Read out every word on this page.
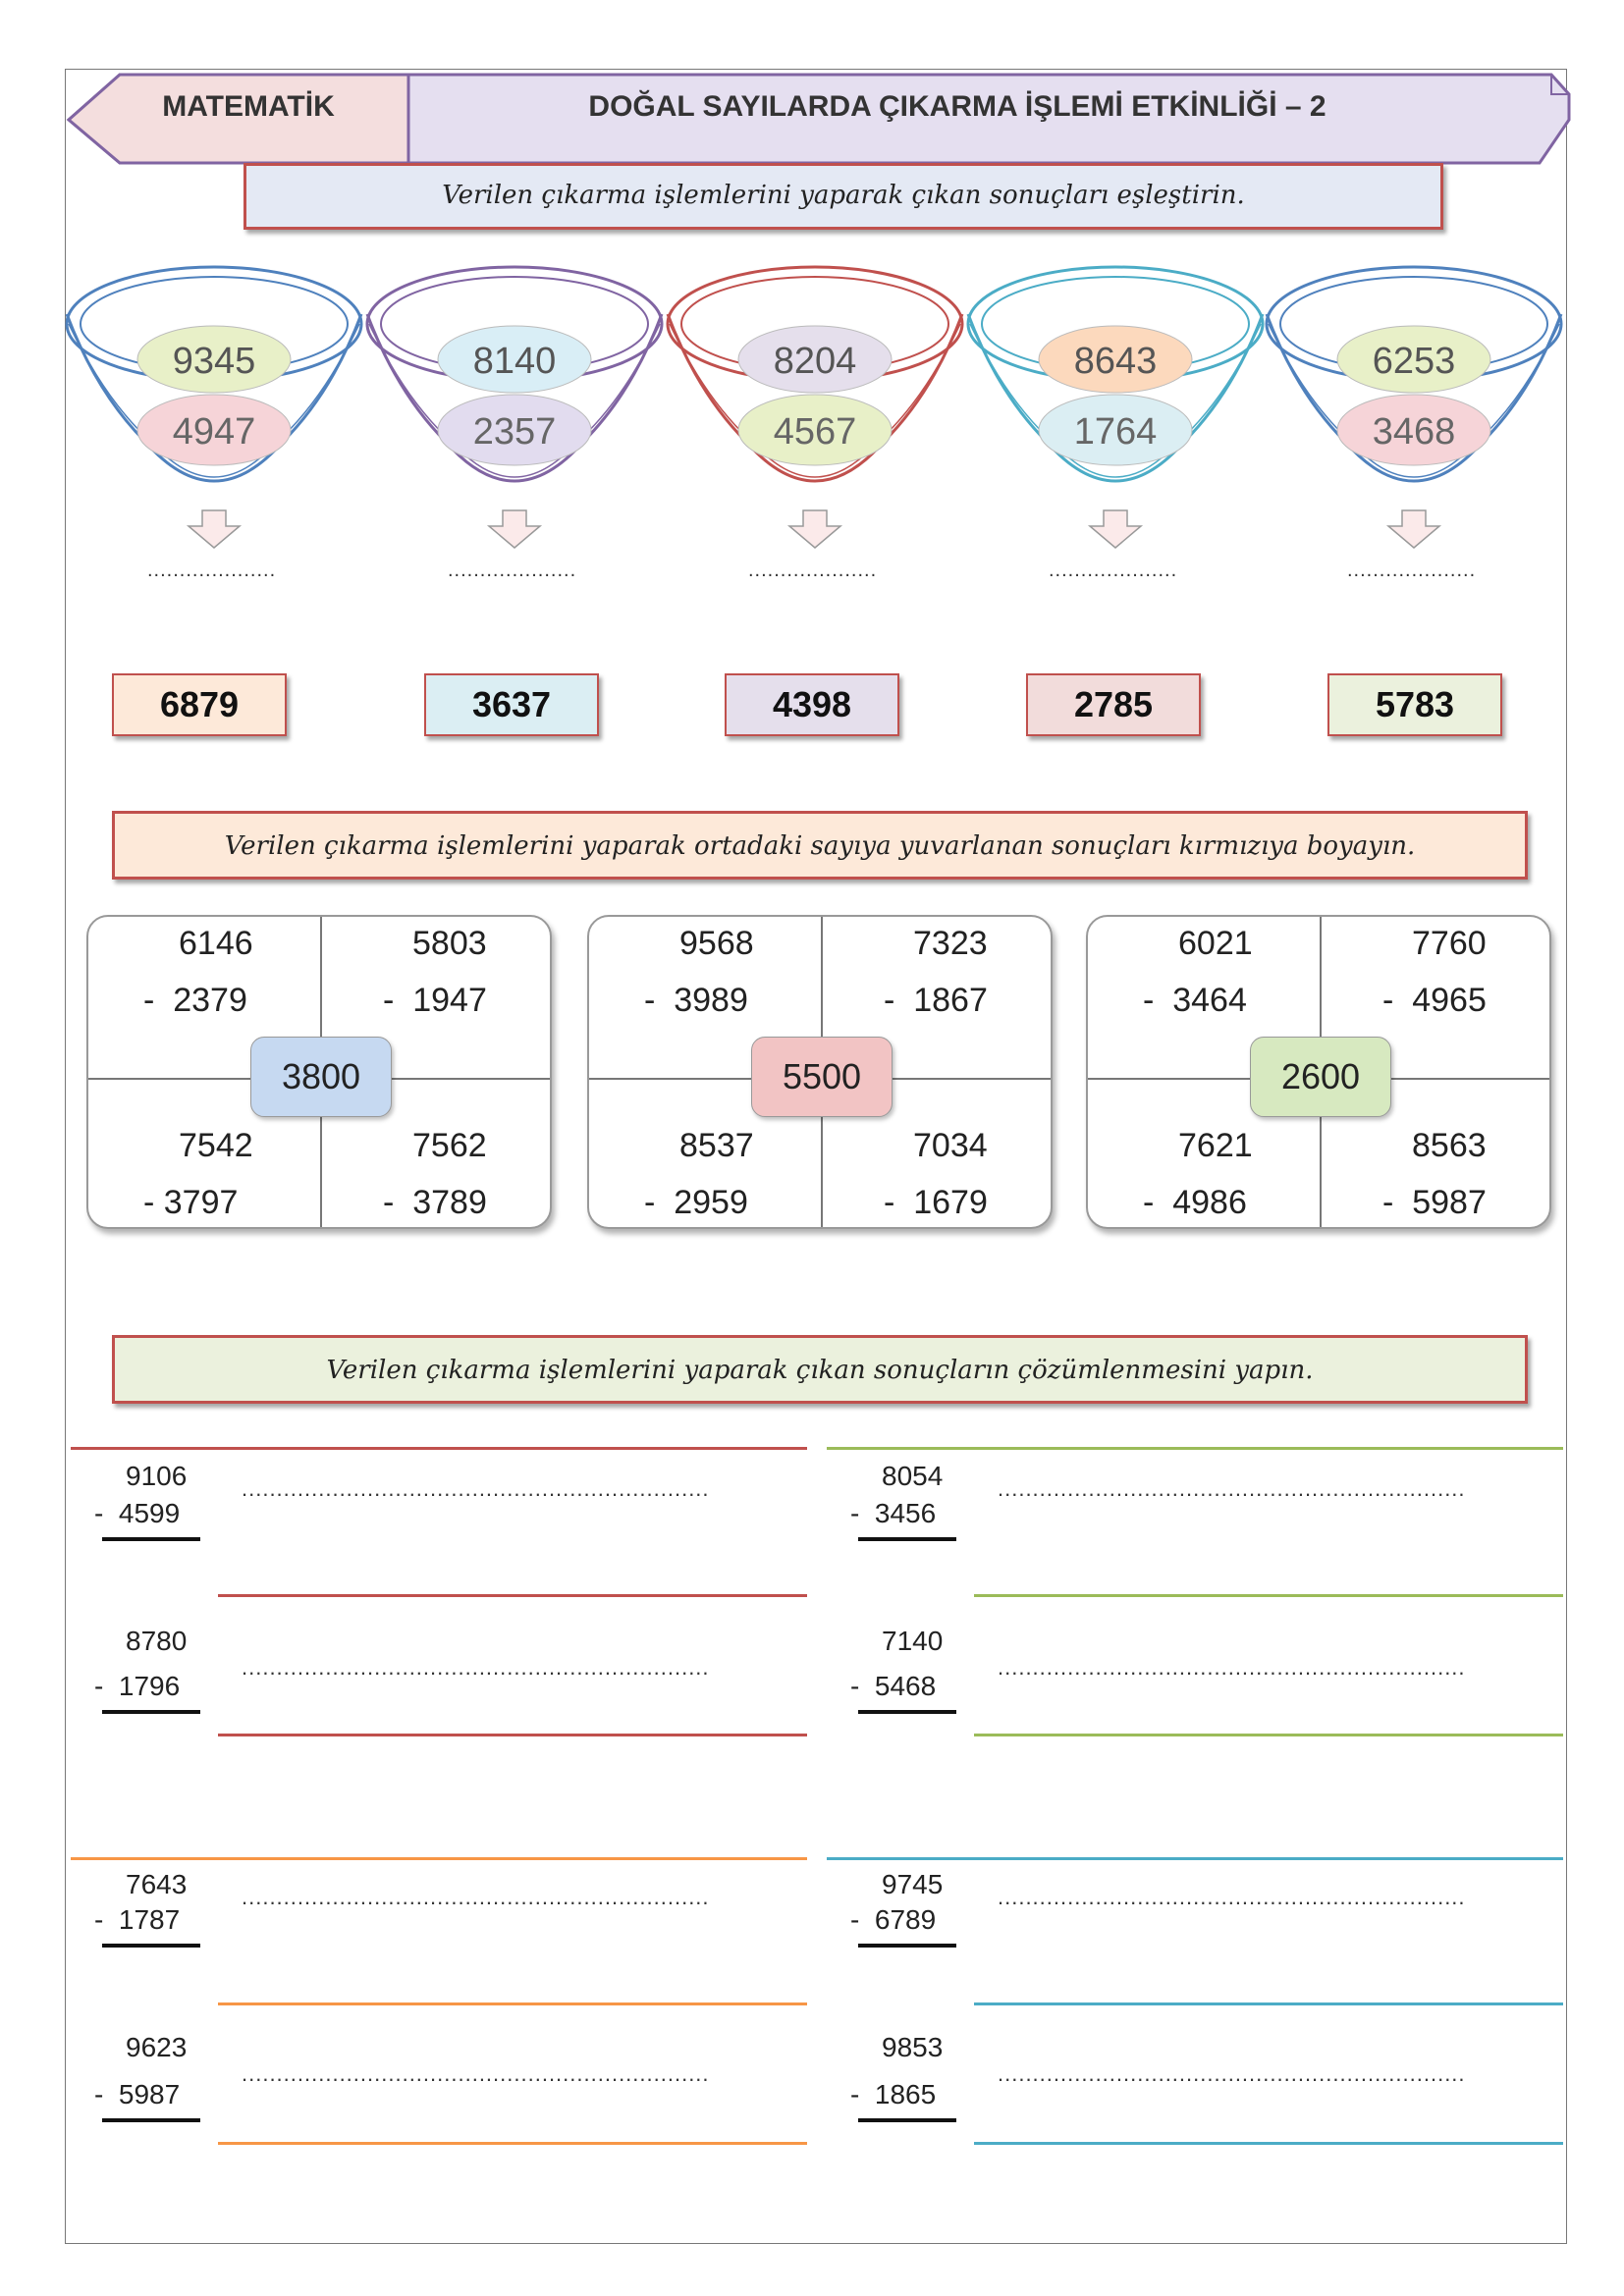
MATEMATİK	DOĞAL SAYILARDA ÇIKARMA İŞLEMİ ETKİNLİĞİ – 2
Verilen çıkarma işlemlerini yaparak çıkan sonuçları eşleştirin.
9345
4947
8140
2357
8204
4567
8643
1764
6253
3468
....................	....................	....................	....................	....................
6879	3637	4398	2785	5783
Verilen çıkarma işlemlerini yaparak ortadaki sayıya yuvarlanan sonuçları kırmızıya boyayın.
6146
-  2379
5803
-  1947
7542
- 3797
7562
-  3789
3800
9568
-  3989
7323
-  1867
8537
-  2959
7034
-  1679
5500
6021
-  3464
7760
-  4965
7621
-  4986
8563
-  5987
2600
Verilen çıkarma işlemlerini yaparak çıkan sonuçların çözümlenmesini yapın.
9106
-  4599
...................................................................
8780
-  1796
...................................................................
8054
-  3456
...................................................................
7140
-  5468
...................................................................
7643
-  1787
...................................................................
9623
-  5987
...................................................................
9745
-  6789
...................................................................
9853
-  1865
...................................................................
